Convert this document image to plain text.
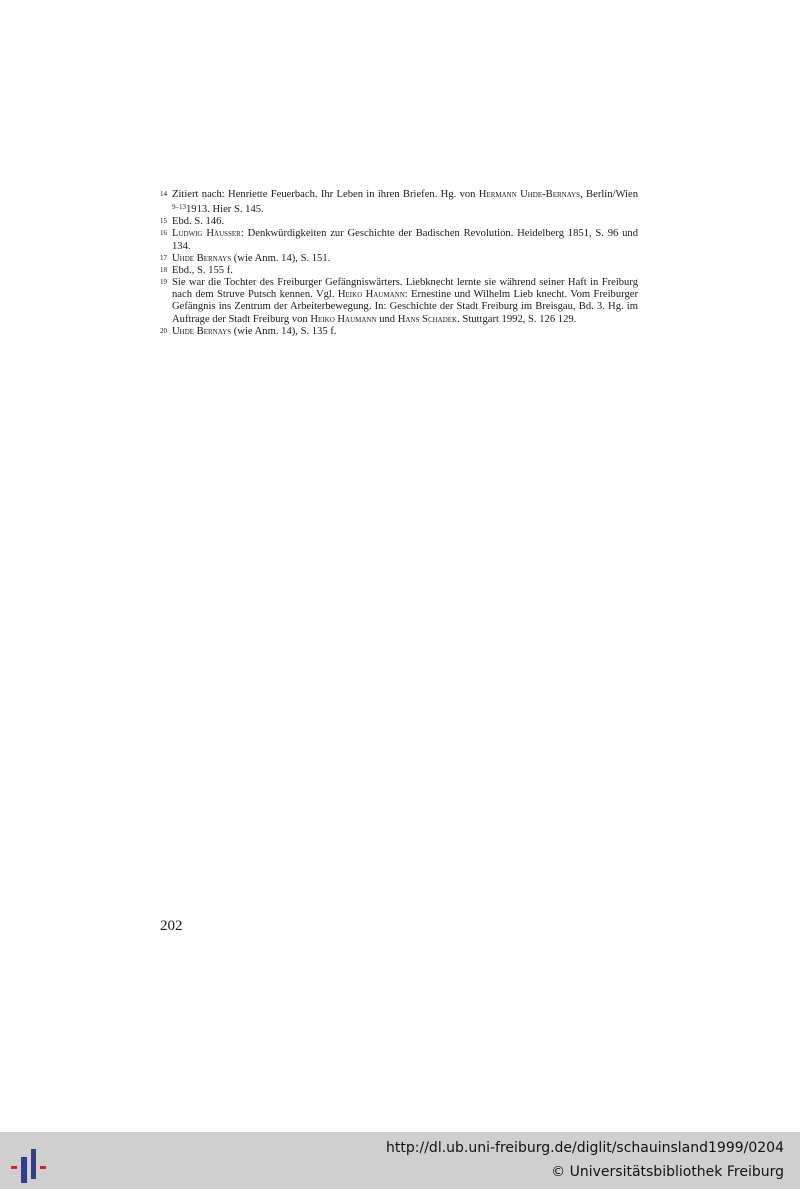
14 Zitiert nach: Henriette Feuerbach. Ihr Leben in ihren Briefen. Hg. von Hermann Uhde-Bernays, Berlin/Wien $^{9-13}$1913. Hier S. 145.
15 Ebd. S. 146.
16 Ludwig Häusser: Denkwürdigkeiten zur Geschichte der Badischen Revolution. Heidelberg 1851, S. 96 und 134.
17 Uhde Bernays (wie Anm. 14), S. 151.
18 Ebd., S. 155 f.
19 Sie war die Tochter des Freiburger Gefängniswärters. Liebknecht lernte sie während seiner Haft in Freiburg nach dem Struve Putsch kennen. Vgl. Heiko Haumann: Ernestine und Wilhelm Lieb knecht. Vom Freiburger Gefängnis ins Zentrum der Arbeiterbewegung. In: Geschichte der Stadt Freiburg im Breisgau, Bd. 3. Hg. im Auftrage der Stadt Freiburg von Heiko Haumann und Hans Schadek. Stuttgart 1992, S. 126 129.
20 Uhde Bernays (wie Anm. 14), S. 135 f.
202
http://dl.ub.uni-freiburg.de/diglit/schauinsland1999/0204
© Universitätsbibliothek Freiburg
